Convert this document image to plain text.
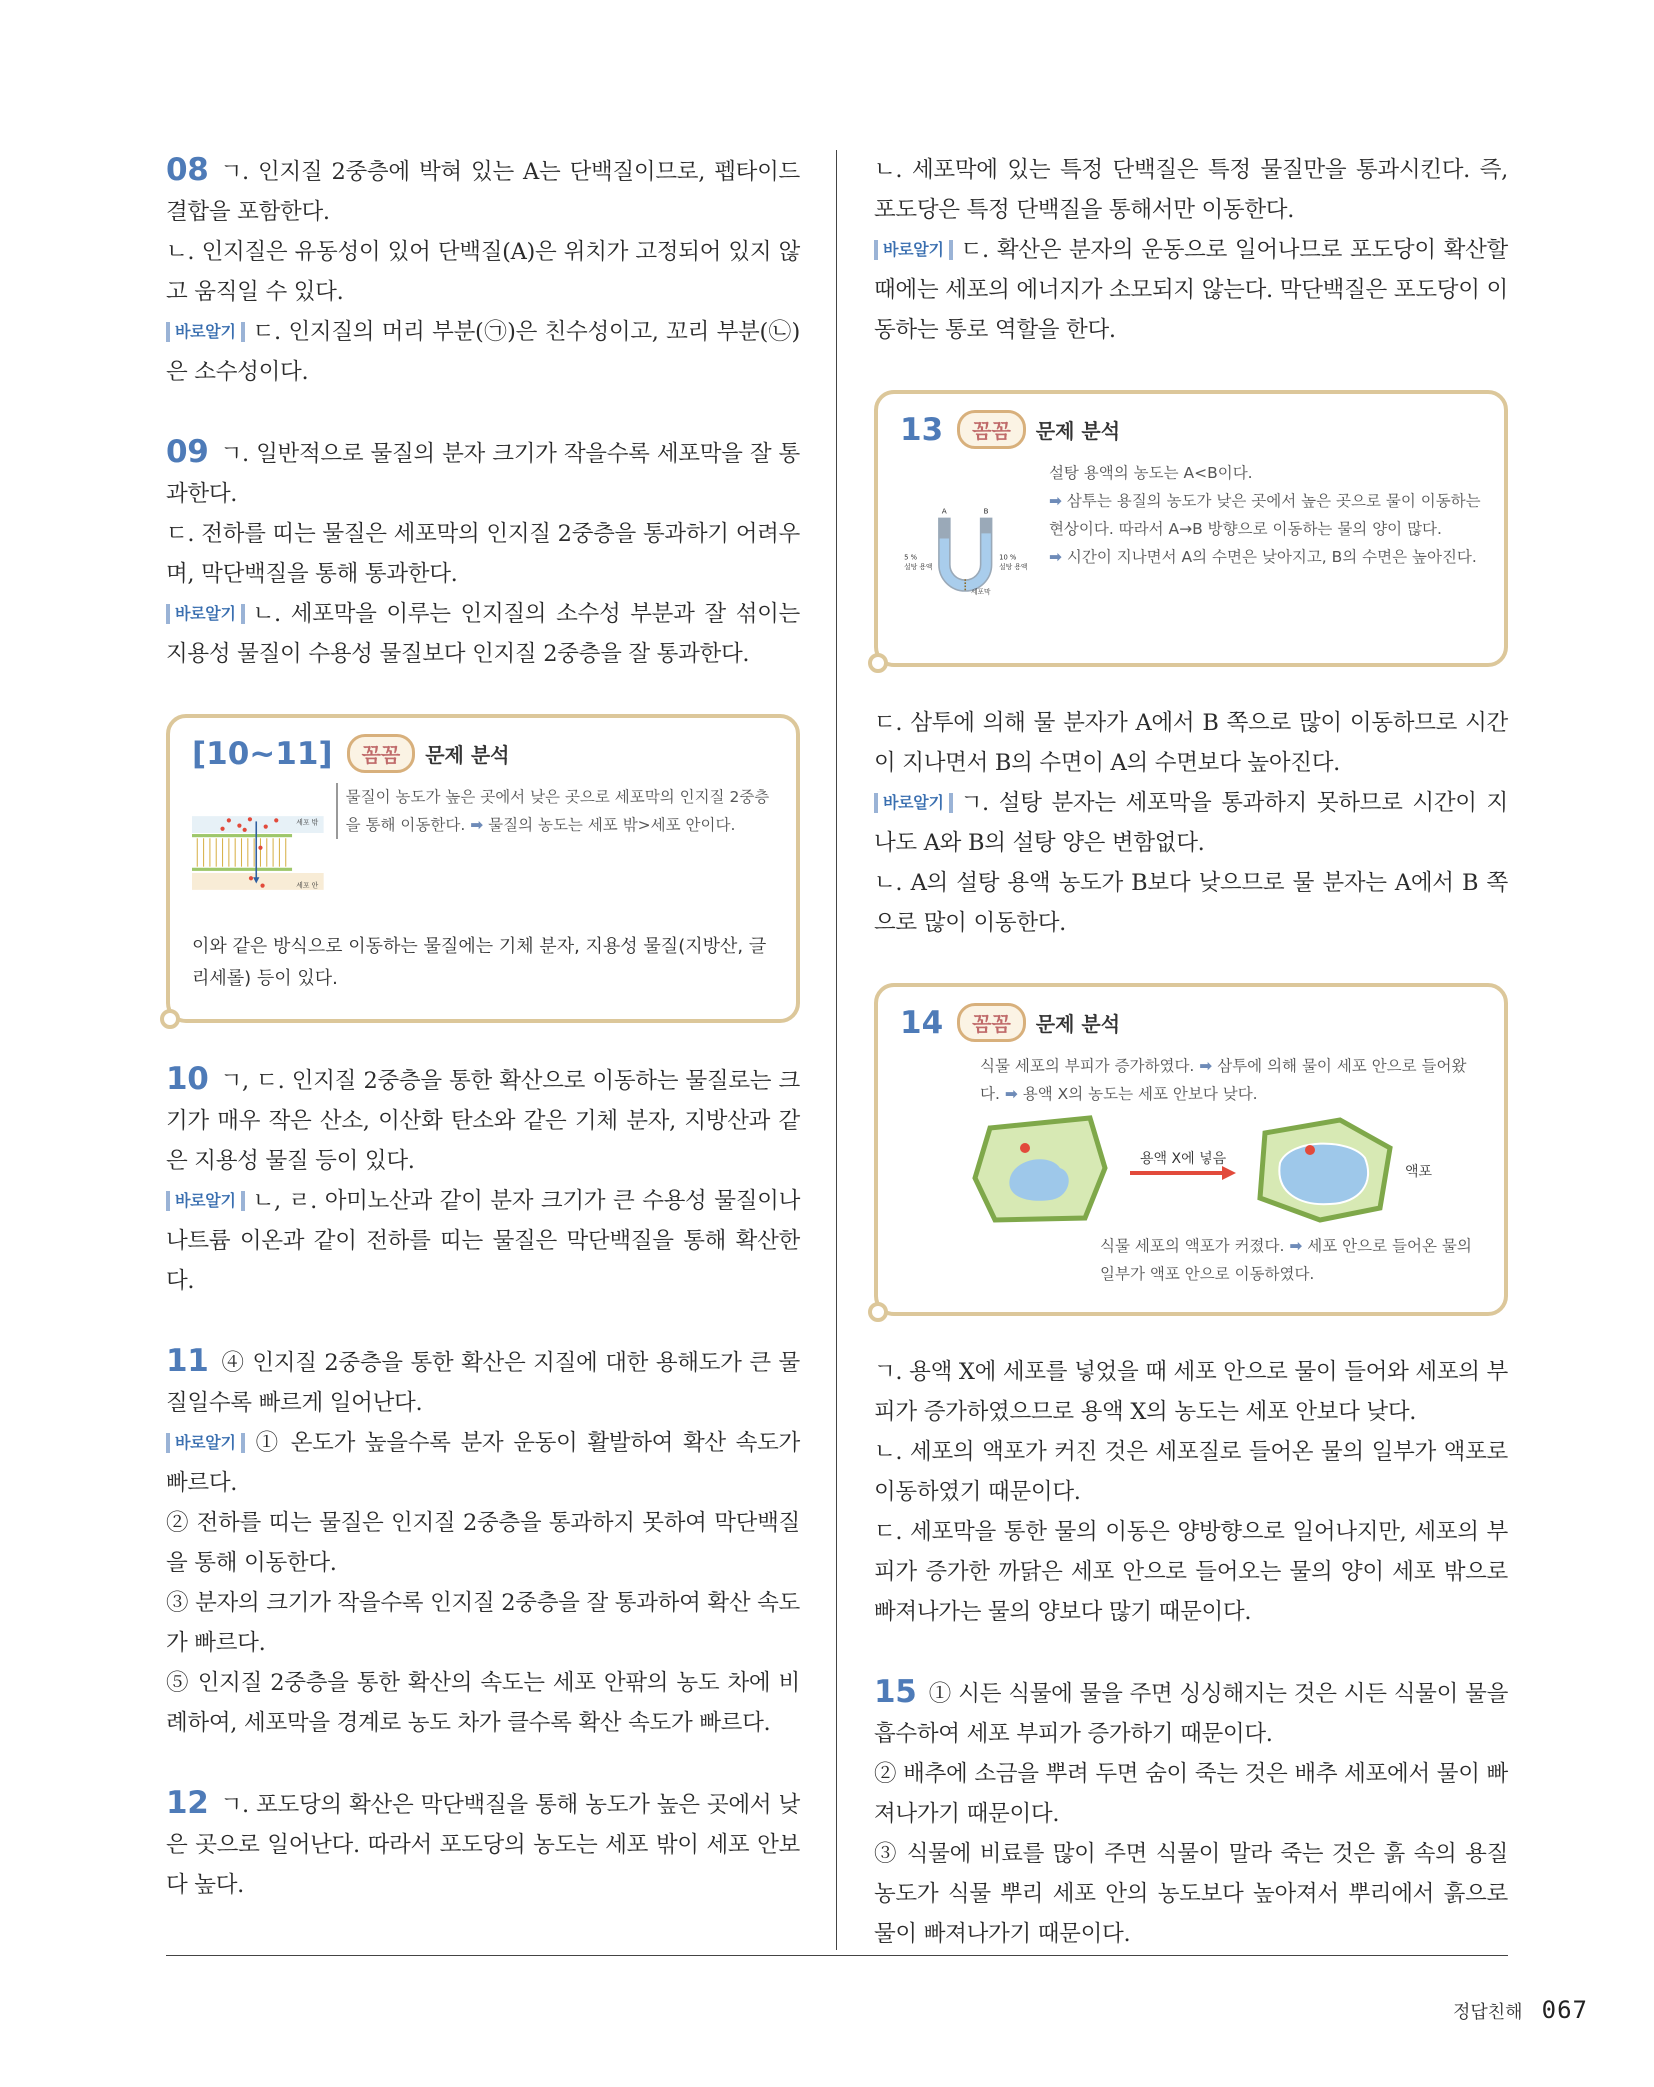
08 ㄱ. 인지질 2중층에 박혀 있는 A는 단백질이므로, 펩타이드 결합을 포함한다.

ㄴ. 인지질은 유동성이 있어 단백질(A)은 위치가 고정되어 있지 않고 움직일 수 있다.

바로알기 ㄷ. 인지질의 머리 부분(㉠)은 친수성이고, 꼬리 부분(㉡)은 소수성이다.

09 ㄱ. 일반적으로 물질의 분자 크기가 작을수록 세포막을 잘 통과한다.

ㄷ. 전하를 띠는 물질은 세포막의 인지질 2중층을 통과하기 어려우며, 막단백질을 통해 통과한다.

바로알기 ㄴ. 세포막을 이루는 인지질의 소수성 부분과 잘 섞이는 지용성 물질이 수용성 물질보다 인지질 2중층을 잘 통과한다.

[10~11]	꼼꼼	문제 분석
세포 밖
세포 안
물질이 농도가 높은 곳에서 낮은 곳으로 세포막의 인지질 2중층을 통해 이동한다. ➡ 물질의 농도는 세포 밖>세포 안이다.

이와 같은 방식으로 이동하는 물질에는 기체 분자, 지용성 물질(지방산, 글리세롤) 등이 있다.

10 ㄱ, ㄷ. 인지질 2중층을 통한 확산으로 이동하는 물질로는 크기가 매우 작은 산소, 이산화 탄소와 같은 기체 분자, 지방산과 같은 지용성 물질 등이 있다.

바로알기 ㄴ, ㄹ. 아미노산과 같이 분자 크기가 큰 수용성 물질이나 나트륨 이온과 같이 전하를 띠는 물질은 막단백질을 통해 확산한다.

11 ④ 인지질 2중층을 통한 확산은 지질에 대한 용해도가 큰 물질일수록 빠르게 일어난다.

바로알기 ① 온도가 높을수록 분자 운동이 활발하여 확산 속도가 빠르다.

② 전하를 띠는 물질은 인지질 2중층을 통과하지 못하여 막단백질을 통해 이동한다.

③ 분자의 크기가 작을수록 인지질 2중층을 잘 통과하여 확산 속도가 빠르다.

⑤ 인지질 2중층을 통한 확산의 속도는 세포 안팎의 농도 차에 비례하여, 세포막을 경계로 농도 차가 클수록 확산 속도가 빠르다.

12 ㄱ. 포도당의 확산은 막단백질을 통해 농도가 높은 곳에서 낮은 곳으로 일어난다. 따라서 포도당의 농도는 세포 밖이 세포 안보다 높다.

ㄴ. 세포막에 있는 특정 단백질은 특정 물질만을 통과시킨다. 즉, 포도당은 특정 단백질을 통해서만 이동한다.

바로알기 ㄷ. 확산은 분자의 운동으로 일어나므로 포도당이 확산할 때에는 세포의 에너지가 소모되지 않는다. 막단백질은 포도당이 이동하는 통로 역할을 한다.

13	꼼꼼	문제 분석
A	B
5 %
설탕 용액
10 %
설탕 용액
세포막
설탕 용액의 농도는 A<B이다.
➡ 삼투는 용질의 농도가 낮은 곳에서 높은 곳으로 물이 이동하는 현상이다. 따라서 A→B 방향으로 이동하는 물의 양이 많다.
➡ 시간이 지나면서 A의 수면은 낮아지고, B의 수면은 높아진다.

ㄷ. 삼투에 의해 물 분자가 A에서 B 쪽으로 많이 이동하므로 시간이 지나면서 B의 수면이 A의 수면보다 높아진다.

바로알기 ㄱ. 설탕 분자는 세포막을 통과하지 못하므로 시간이 지나도 A와 B의 설탕 양은 변함없다.

ㄴ. A의 설탕 용액 농도가 B보다 낮으므로 물 분자는 A에서 B 쪽으로 많이 이동한다.

14	꼼꼼	문제 분석
식물 세포의 부피가 증가하였다. ➡ 삼투에 의해 물이 세포 안으로 들어왔다. ➡ 용액 X의 농도는 세포 안보다 낮다.
용액 X에 넣음
액포
식물 세포의 액포가 커졌다. ➡ 세포 안으로 들어온 물의 일부가 액포 안으로 이동하였다.

ㄱ. 용액 X에 세포를 넣었을 때 세포 안으로 물이 들어와 세포의 부피가 증가하였으므로 용액 X의 농도는 세포 안보다 낮다.

ㄴ. 세포의 액포가 커진 것은 세포질로 들어온 물의 일부가 액포로 이동하였기 때문이다.

ㄷ. 세포막을 통한 물의 이동은 양방향으로 일어나지만, 세포의 부피가 증가한 까닭은 세포 안으로 들어오는 물의 양이 세포 밖으로 빠져나가는 물의 양보다 많기 때문이다.

15 ① 시든 식물에 물을 주면 싱싱해지는 것은 시든 식물이 물을 흡수하여 세포 부피가 증가하기 때문이다.

② 배추에 소금을 뿌려 두면 숨이 죽는 것은 배추 세포에서 물이 빠져나가기 때문이다.

③ 식물에 비료를 많이 주면 식물이 말라 죽는 것은 흙 속의 용질 농도가 식물 뿌리 세포 안의 농도보다 높아져서 뿌리에서 흙으로 물이 빠져나가기 때문이다.

정답친해 067
